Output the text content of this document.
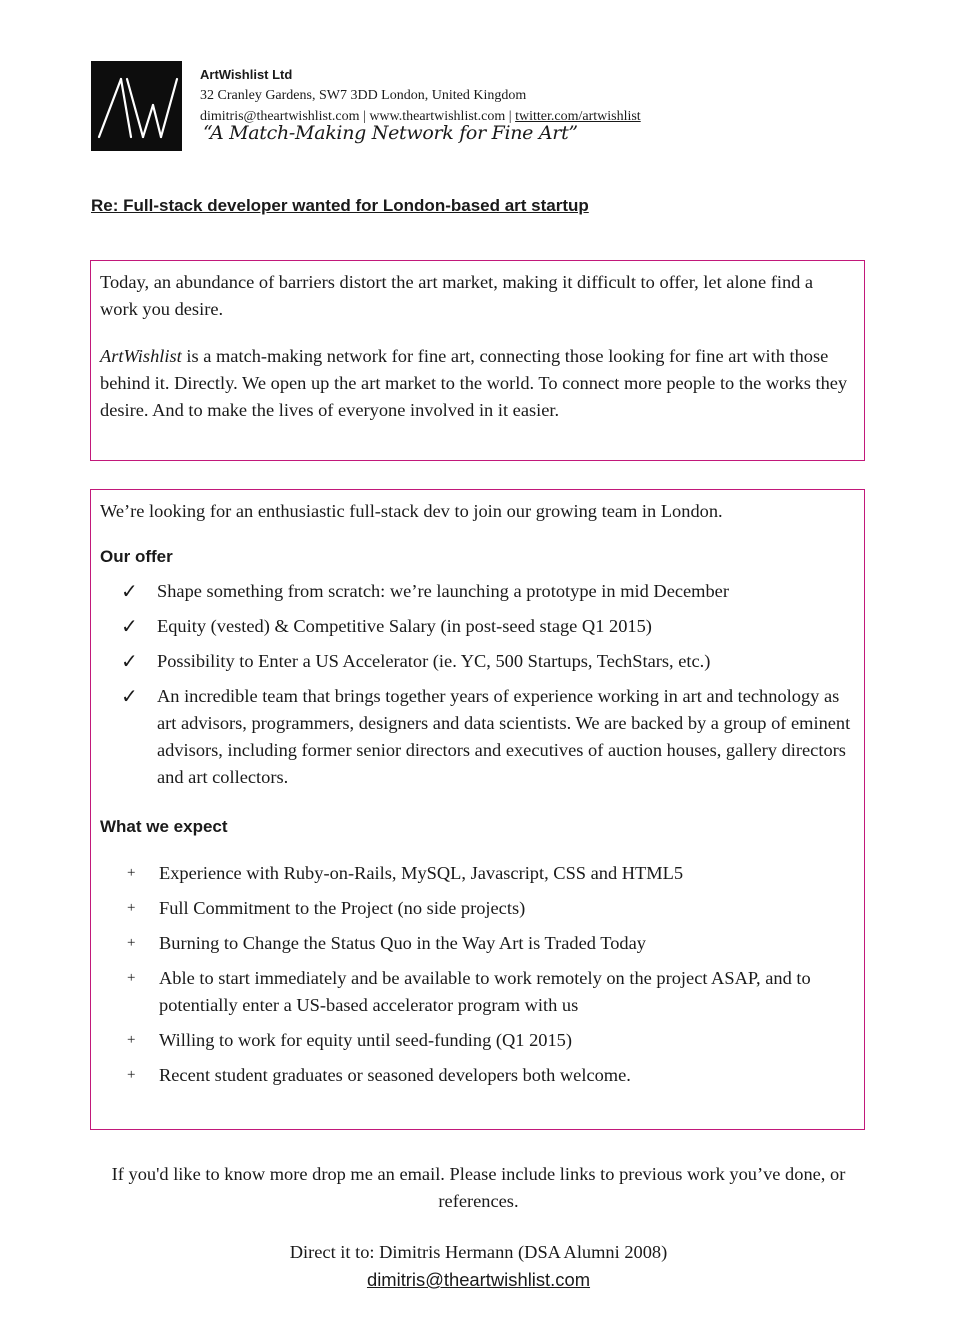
ArtWishlist Ltd
32 Cranley Gardens, SW7 3DD London, United Kingdom
dimitris@theartwishlist.com | www.theartwishlist.com | twitter.com/artwishlist
“A Match-Making Network for Fine Art”
Re: Full-stack developer wanted for London-based art startup

Today, an abundance of barriers distort the art market, making it difficult to offer, let alone find a work you desire.

ArtWishlist is a match-making network for fine art, connecting those looking for fine art with those behind it. Directly. We open up the art market to the world. To connect more people to the works they desire. And to make the lives of everyone involved in it easier.

We’re looking for an enthusiastic full-stack dev to join our growing team in London.

Our offer
✓ Shape something from scratch: we’re launching a prototype in mid December
✓ Equity (vested) & Competitive Salary (in post-seed stage Q1 2015)
✓ Possibility to Enter a US Accelerator (ie. YC, 500 Startups, TechStars, etc.)
✓ An incredible team that brings together years of experience working in art and technology as art advisors, programmers, designers and data scientists. We are backed by a group of eminent advisors, including former senior directors and executives of auction houses, gallery directors and art collectors.
What we expect
+ Experience with Ruby-on-Rails, MySQL, Javascript, CSS and HTML5
+ Full Commitment to the Project (no side projects)
+ Burning to Change the Status Quo in the Way Art is Traded Today
+ Able to start immediately and be available to work remotely on the project ASAP, and to potentially enter a US-based accelerator program with us
+ Willing to work for equity until seed-funding (Q1 2015)
+ Recent student graduates or seasoned developers both welcome.
If you'd like to know more drop me an email. Please include links to previous work you’ve done, or references.
Direct it to: Dimitris Hermann (DSA Alumni 2008)
dimitris@theartwishlist.com
